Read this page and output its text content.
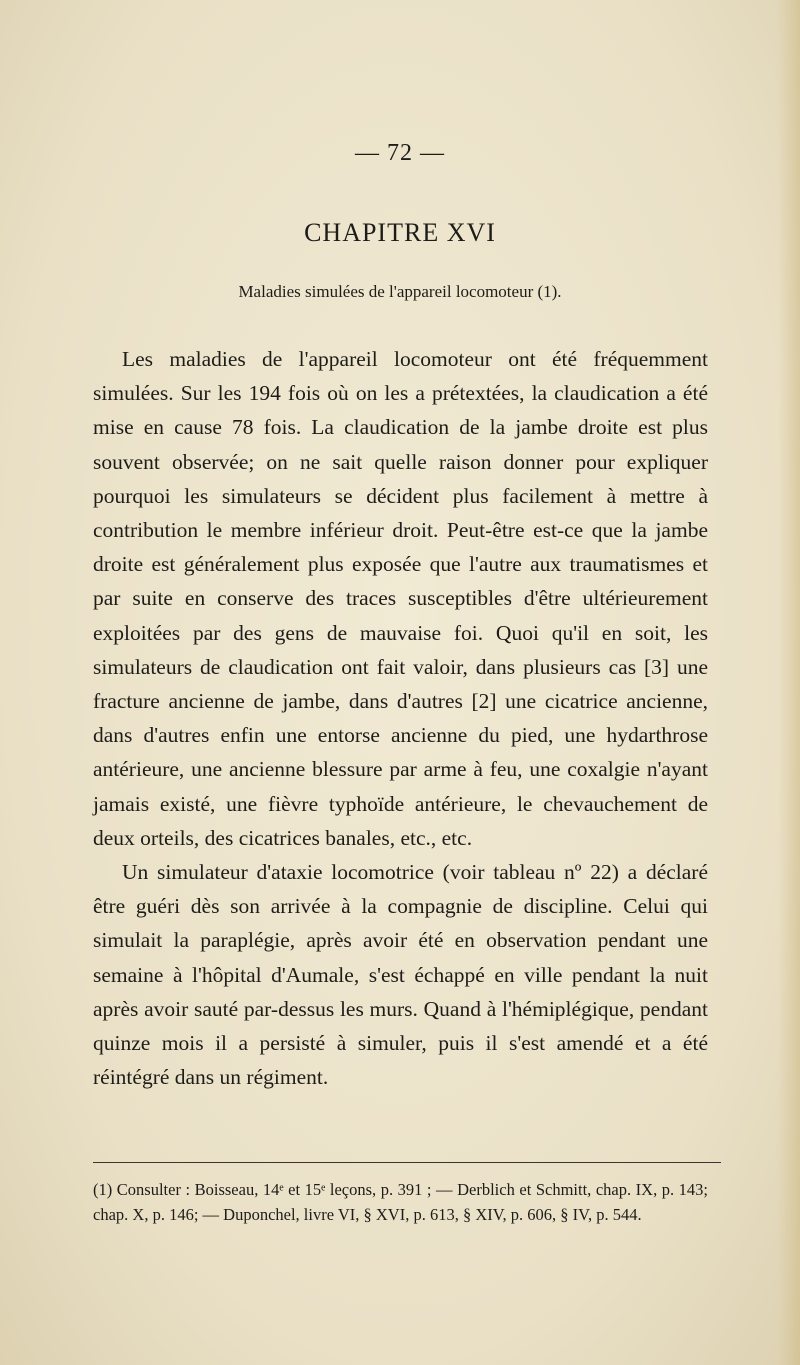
— 72 —
CHAPITRE XVI
Maladies simulées de l'appareil locomoteur (1).

Les maladies de l'appareil locomoteur ont été fréquemment simulées. Sur les 194 fois où on les a prétextées, la claudication a été mise en cause 78 fois. La claudication de la jambe droite est plus souvent observée; on ne sait quelle raison donner pour expliquer pourquoi les simulateurs se décident plus facilement à mettre à contribution le membre inférieur droit. Peut-être est-ce que la jambe droite est généralement plus exposée que l'autre aux traumatismes et par suite en conserve des traces susceptibles d'être ultérieurement exploitées par des gens de mauvaise foi. Quoi qu'il en soit, les simulateurs de claudication ont fait valoir, dans plusieurs cas [3] une fracture ancienne de jambe, dans d'autres [2] une cicatrice ancienne, dans d'autres enfin une entorse ancienne du pied, une hydarthrose antérieure, une ancienne blessure par arme à feu, une coxalgie n'ayant jamais existé, une fièvre typhoïde antérieure, le chevauchement de deux orteils, des cicatrices banales, etc., etc.

Un simulateur d'ataxie locomotrice (voir tableau nº 22) a déclaré être guéri dès son arrivée à la compagnie de discipline. Celui qui simulait la paraplégie, après avoir été en observation pendant une semaine à l'hôpital d'Aumale, s'est échappé en ville pendant la nuit après avoir sauté par-dessus les murs. Quand à l'hémiplégique, pendant quinze mois il a persisté à simuler, puis il s'est amendé et a été réintégré dans un régiment.

(1) Consulter : Boisseau, 14ᵉ et 15ᵉ leçons, p. 391 ; — Derblich et Schmitt, chap. IX, p. 143; chap. X, p. 146; — Duponchel, livre VI, § XVI, p. 613, § XIV, p. 606, § IV, p. 544.
